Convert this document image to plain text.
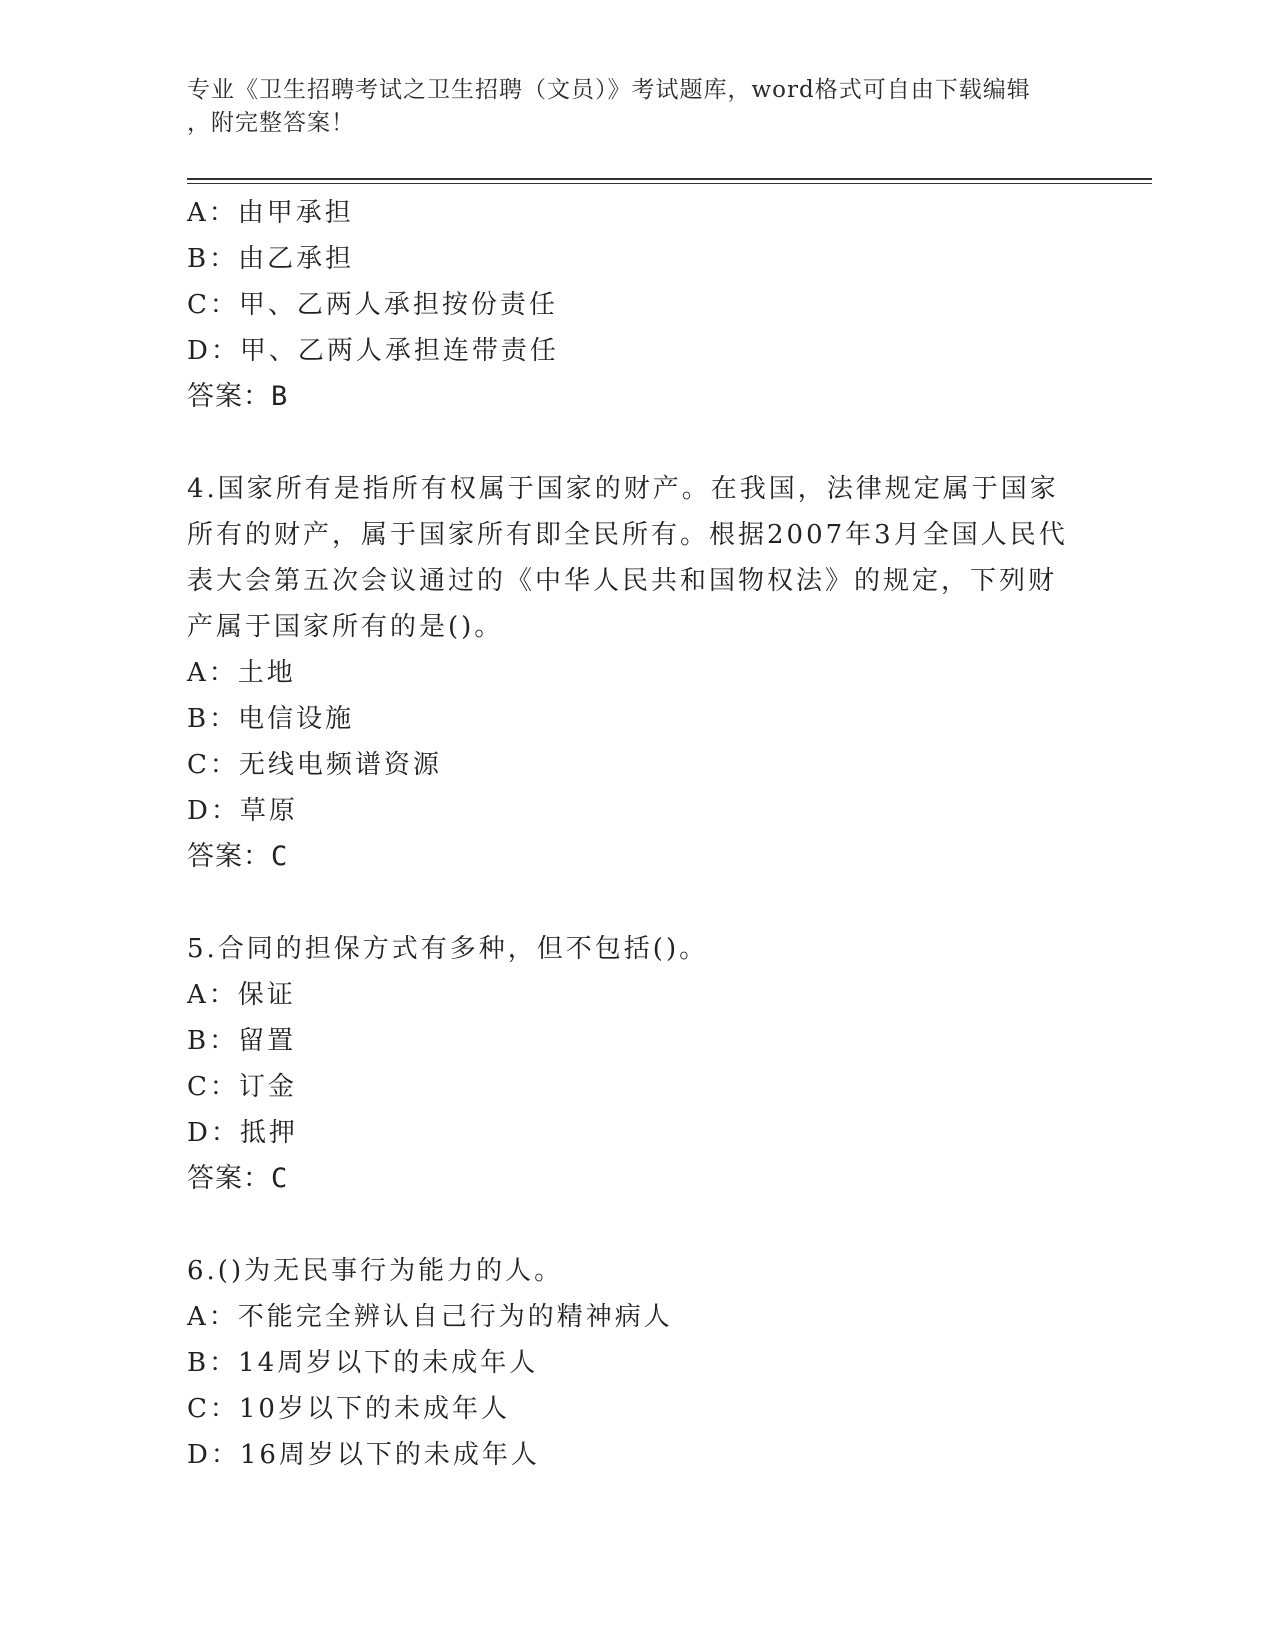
专业《卫生招聘考试之卫生招聘（文员）》考试题库，word格式可自由下载编辑
，附完整答案！
A：由甲承担
B：由乙承担
C：甲、乙两人承担按份责任
D：甲、乙两人承担连带责任
答案：B
4.国家所有是指所有权属于国家的财产。在我国，法律规定属于国家
所有的财产，属于国家所有即全民所有。根据2007年3月全国人民代
表大会第五次会议通过的《中华人民共和国物权法》的规定，下列财
产属于国家所有的是()。
A：土地
B：电信设施
C：无线电频谱资源
D：草原
答案：C
5.合同的担保方式有多种，但不包括()。
A：保证
B：留置
C：订金
D：抵押
答案：C
6.()为无民事行为能力的人。
A：不能完全辨认自己行为的精神病人
B：14周岁以下的未成年人
C：10岁以下的未成年人
D：16周岁以下的未成年人
